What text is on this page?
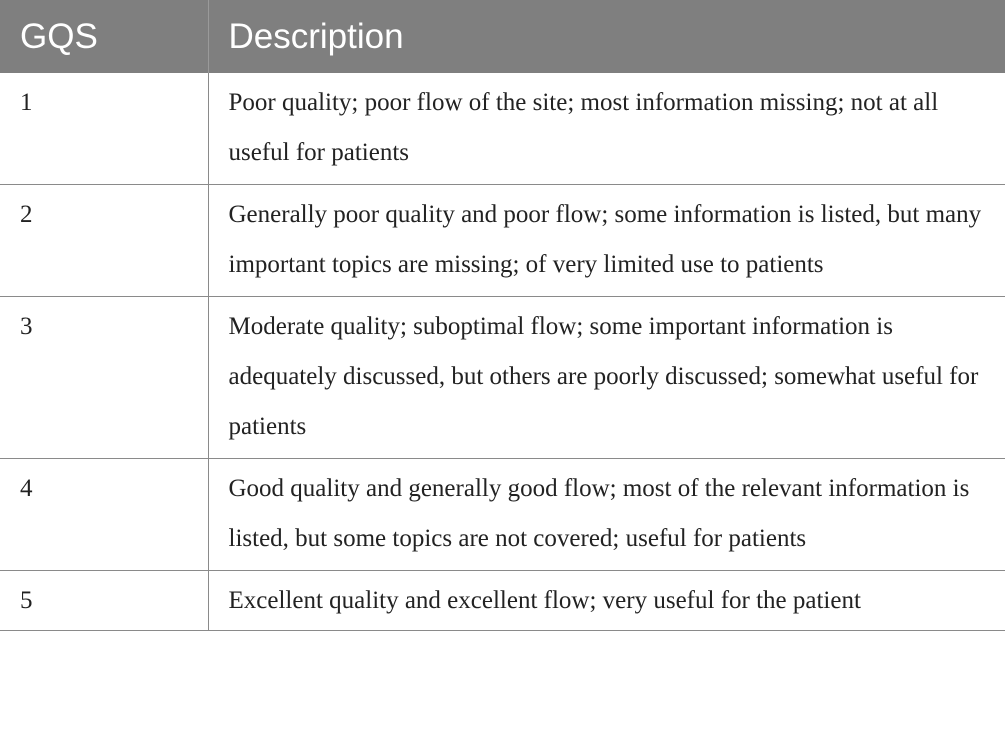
GQS	Description
1	Poor quality; poor flow of the site; most information missing; not at all useful for patients
2	Generally poor quality and poor flow; some information is listed, but many important topics are missing; of very limited use to patients
3	Moderate quality; suboptimal flow; some important information is adequately discussed, but others are poorly discussed; somewhat useful for patients
4	Good quality and generally good flow; most of the relevant information is listed, but some topics are not covered; useful for patients
5	Excellent quality and excellent flow; very useful for the patient
